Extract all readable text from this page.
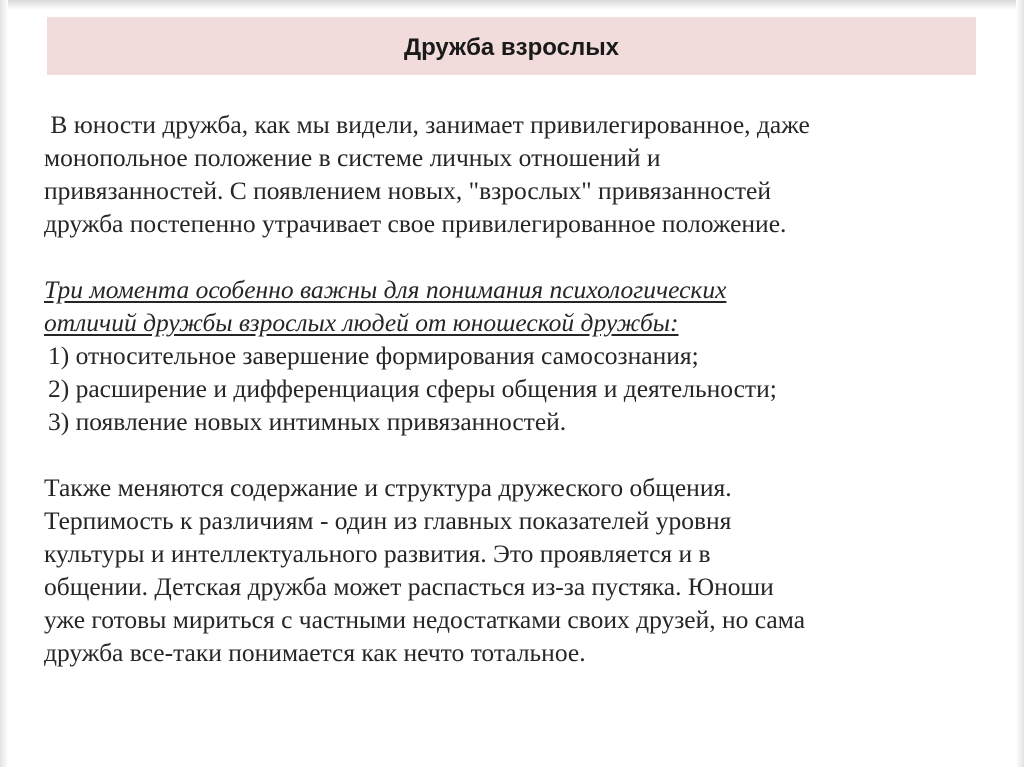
Дружба взрослых

В юности дружба, как мы видели, занимает привилегированное, даже

монопольное положение в системе личных отношений и

привязанностей. С появлением новых, "взрослых" привязанностей

дружба постепенно утрачивает свое привилегированное положение.

Три момента особенно важны для понимания психологических

отличий дружбы взрослых людей от юношеской дружбы:

1) относительное завершение формирования самосознания;

2) расширение и дифференциация сферы общения и деятельности;

3) появление новых интимных привязанностей.

Также меняются содержание и структура дружеского общения.

Терпимость к различиям - один из главных показателей уровня

культуры и интеллектуального развития. Это проявляется и в

общении. Детская дружба может распасться из-за пустяка. Юноши

уже готовы мириться с частными недостатками своих друзей, но сама

дружба все-таки понимается как нечто тотальное.
